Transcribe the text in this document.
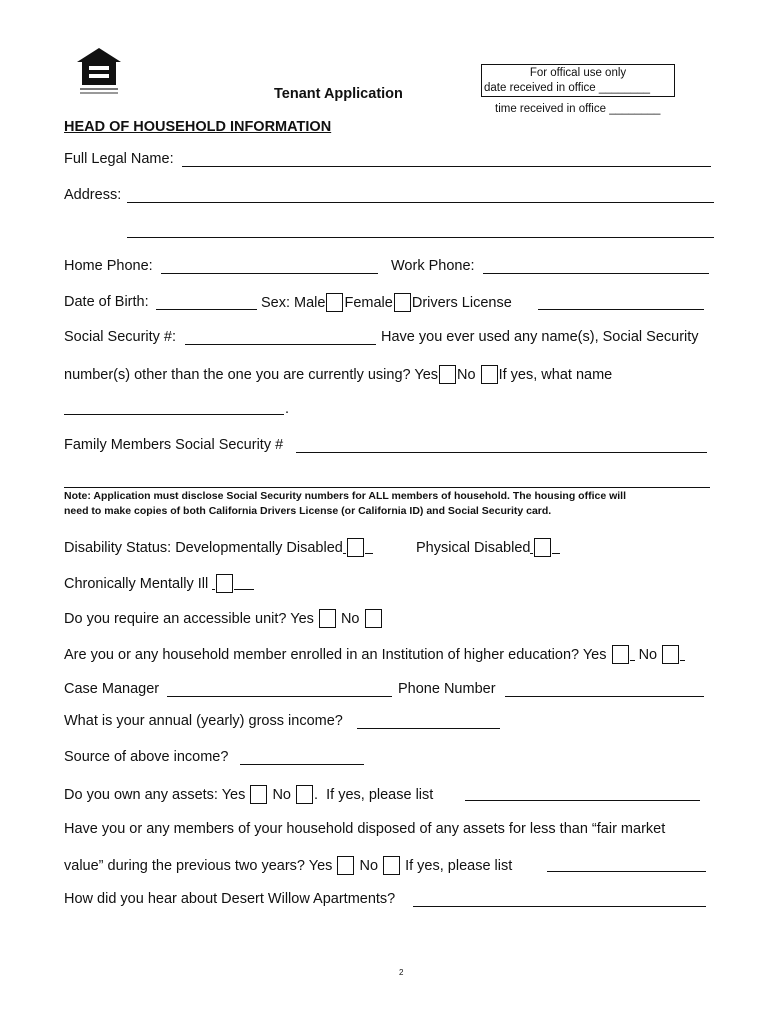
Tenant Application
For offical use only
date received in office ________
time received in office ________
HEAD OF HOUSEHOLD INFORMATION
Full Legal Name:
Address:
Home Phone:	Work Phone:
Date of Birth:	Sex: Male Female Drivers License
Social Security #:	Have you ever used any name(s), Social Security
number(s) other than the one you are currently using? Yes No If yes, what name
.
Family Members Social Security #
Note: Application must disclose Social Security numbers for ALL members of household. The housing office will
need to make copies of both California Drivers License (or California ID) and Social Security card.
Disability Status: Developmentally Disabled	Physical Disabled
Chronically Mentally Ill
Do you require an accessible unit? Yes No
Are you or any household member enrolled in an Institution of higher education? Yes No
Case Manager	Phone Number
What is your annual (yearly) gross income?
Source of above income?
Do you own any assets: Yes No .  If yes, please list
Have you or any members of your household disposed of any assets for less than “fair market
value” during the previous two years? Yes No If yes, please list
How did you hear about Desert Willow Apartments?
2
